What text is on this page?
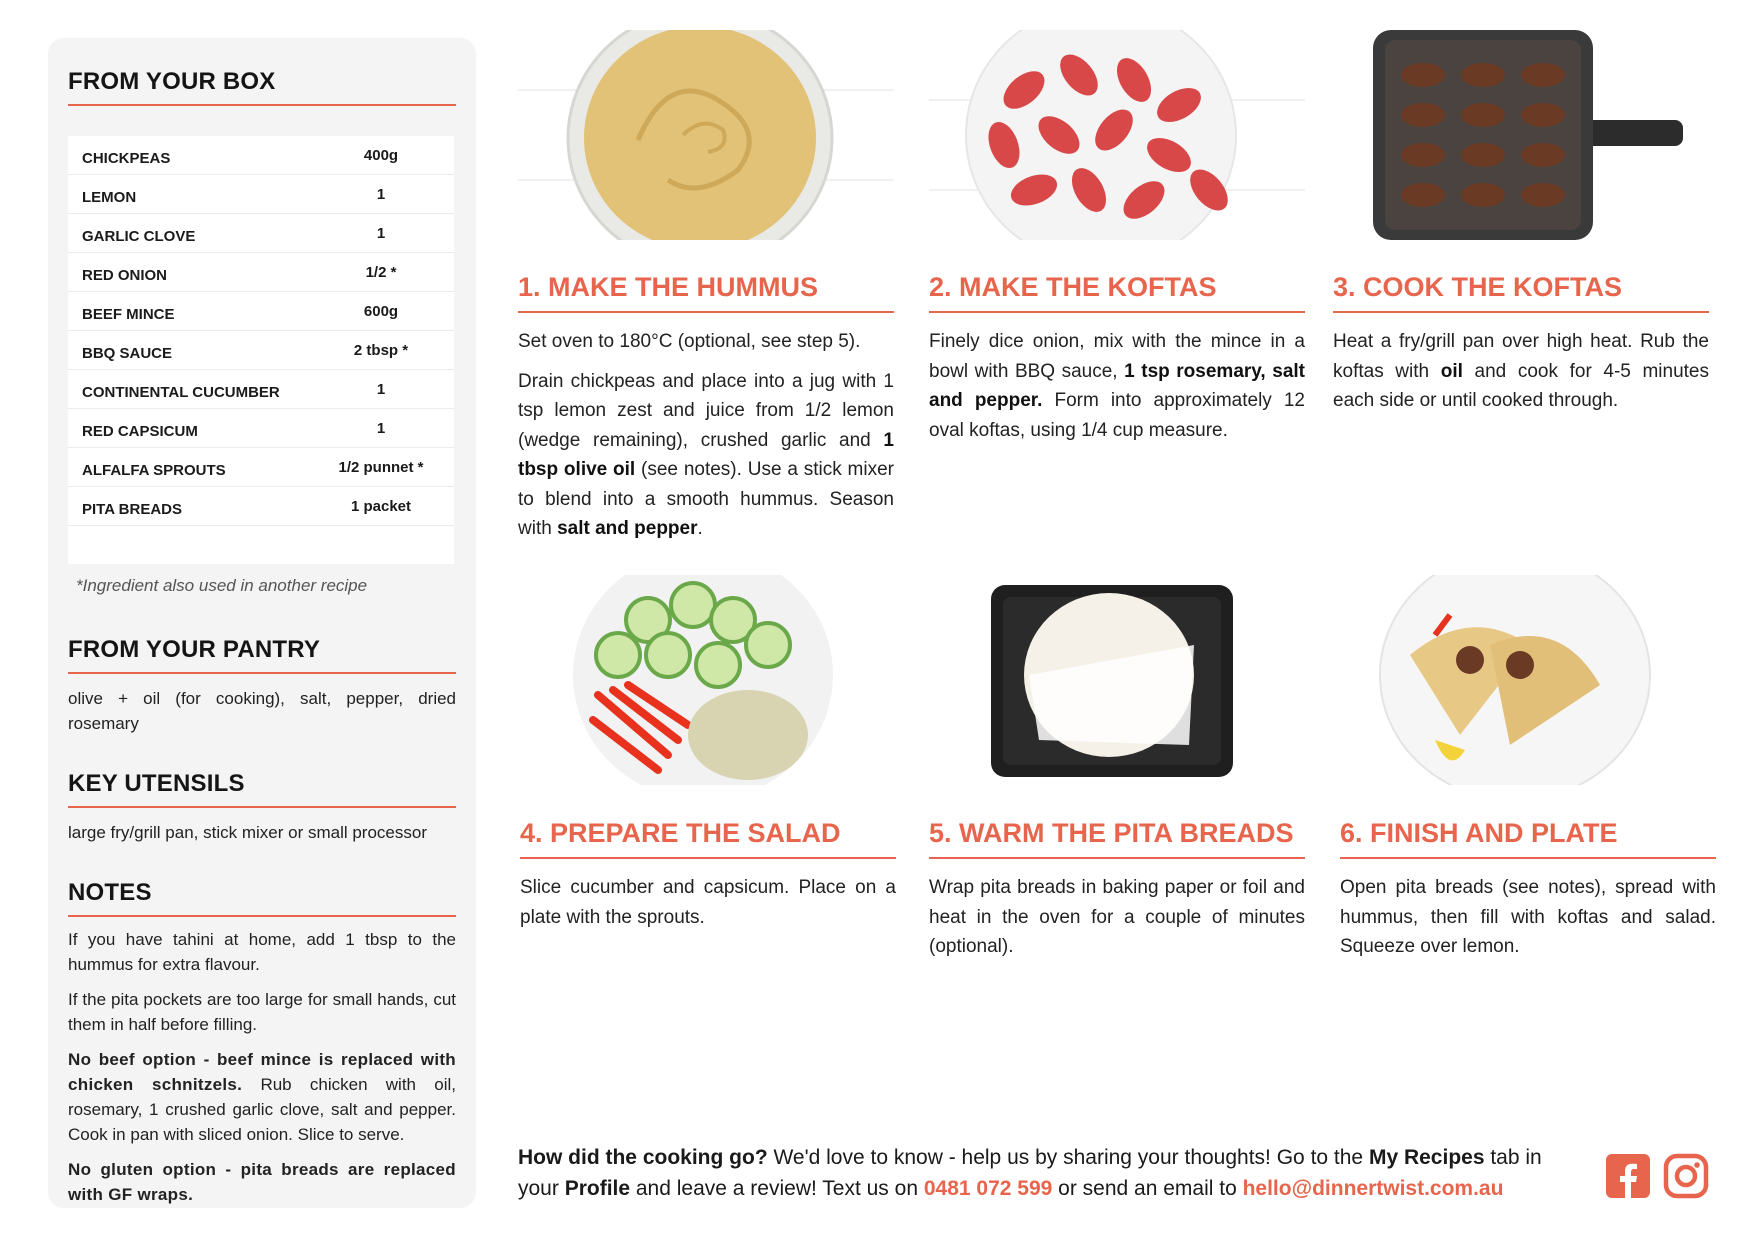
FROM YOUR BOX
CHICKPEAS	400g
LEMON	1
GARLIC CLOVE	1
RED ONION	1/2 *
BEEF MINCE	600g
BBQ SAUCE	2 tbsp *
CONTINENTAL CUCUMBER	1
RED CAPSICUM	1
ALFALFA SPROUTS	1/2 punnet *
PITA BREADS	1 packet
*Ingredient also used in another recipe
FROM YOUR PANTRY
olive + oil (for cooking), salt, pepper, dried rosemary
KEY UTENSILS
large fry/grill pan, stick mixer or small processor
NOTES
If you have tahini at home, add 1 tbsp to the hummus for extra flavour.
If the pita pockets are too large for small hands, cut them in half before filling.
No beef option - beef mince is replaced with chicken schnitzels. Rub chicken with oil, rosemary, 1 crushed garlic clove, salt and pepper. Cook in pan with sliced onion. Slice to serve.
No gluten option - pita breads are replaced with GF wraps.
1. MAKE THE HUMMUS

Set oven to 180°C (optional, see step 5).

Drain chickpeas and place into a jug with 1 tsp lemon zest and juice from 1/2 lemon (wedge remaining), crushed garlic and 1 tbsp olive oil (see notes). Use a stick mixer to blend into a smooth hummus. Season with salt and pepper.

2. MAKE THE KOFTAS

Finely dice onion, mix with the mince in a bowl with BBQ sauce, 1 tsp rosemary, salt and pepper. Form into approximately 12 oval koftas, using 1/4 cup measure.

3. COOK THE KOFTAS

Heat a fry/grill pan over high heat. Rub the koftas with oil and cook for 4-5 minutes each side or until cooked through.

4. PREPARE THE SALAD
Slice cucumber and capsicum. Place on a plate with the sprouts.
5. WARM THE PITA BREADS
Wrap pita breads in baking paper or foil and heat in the oven for a couple of minutes (optional).
6. FINISH AND PLATE
Open pita breads (see notes), spread with hummus, then fill with koftas and salad. Squeeze over lemon.
How did the cooking go? We'd love to know - help us by sharing your thoughts! Go to the My Recipes tab in your Profile and leave a review! Text us on 0481 072 599 or send an email to hello@dinnertwist.com.au
